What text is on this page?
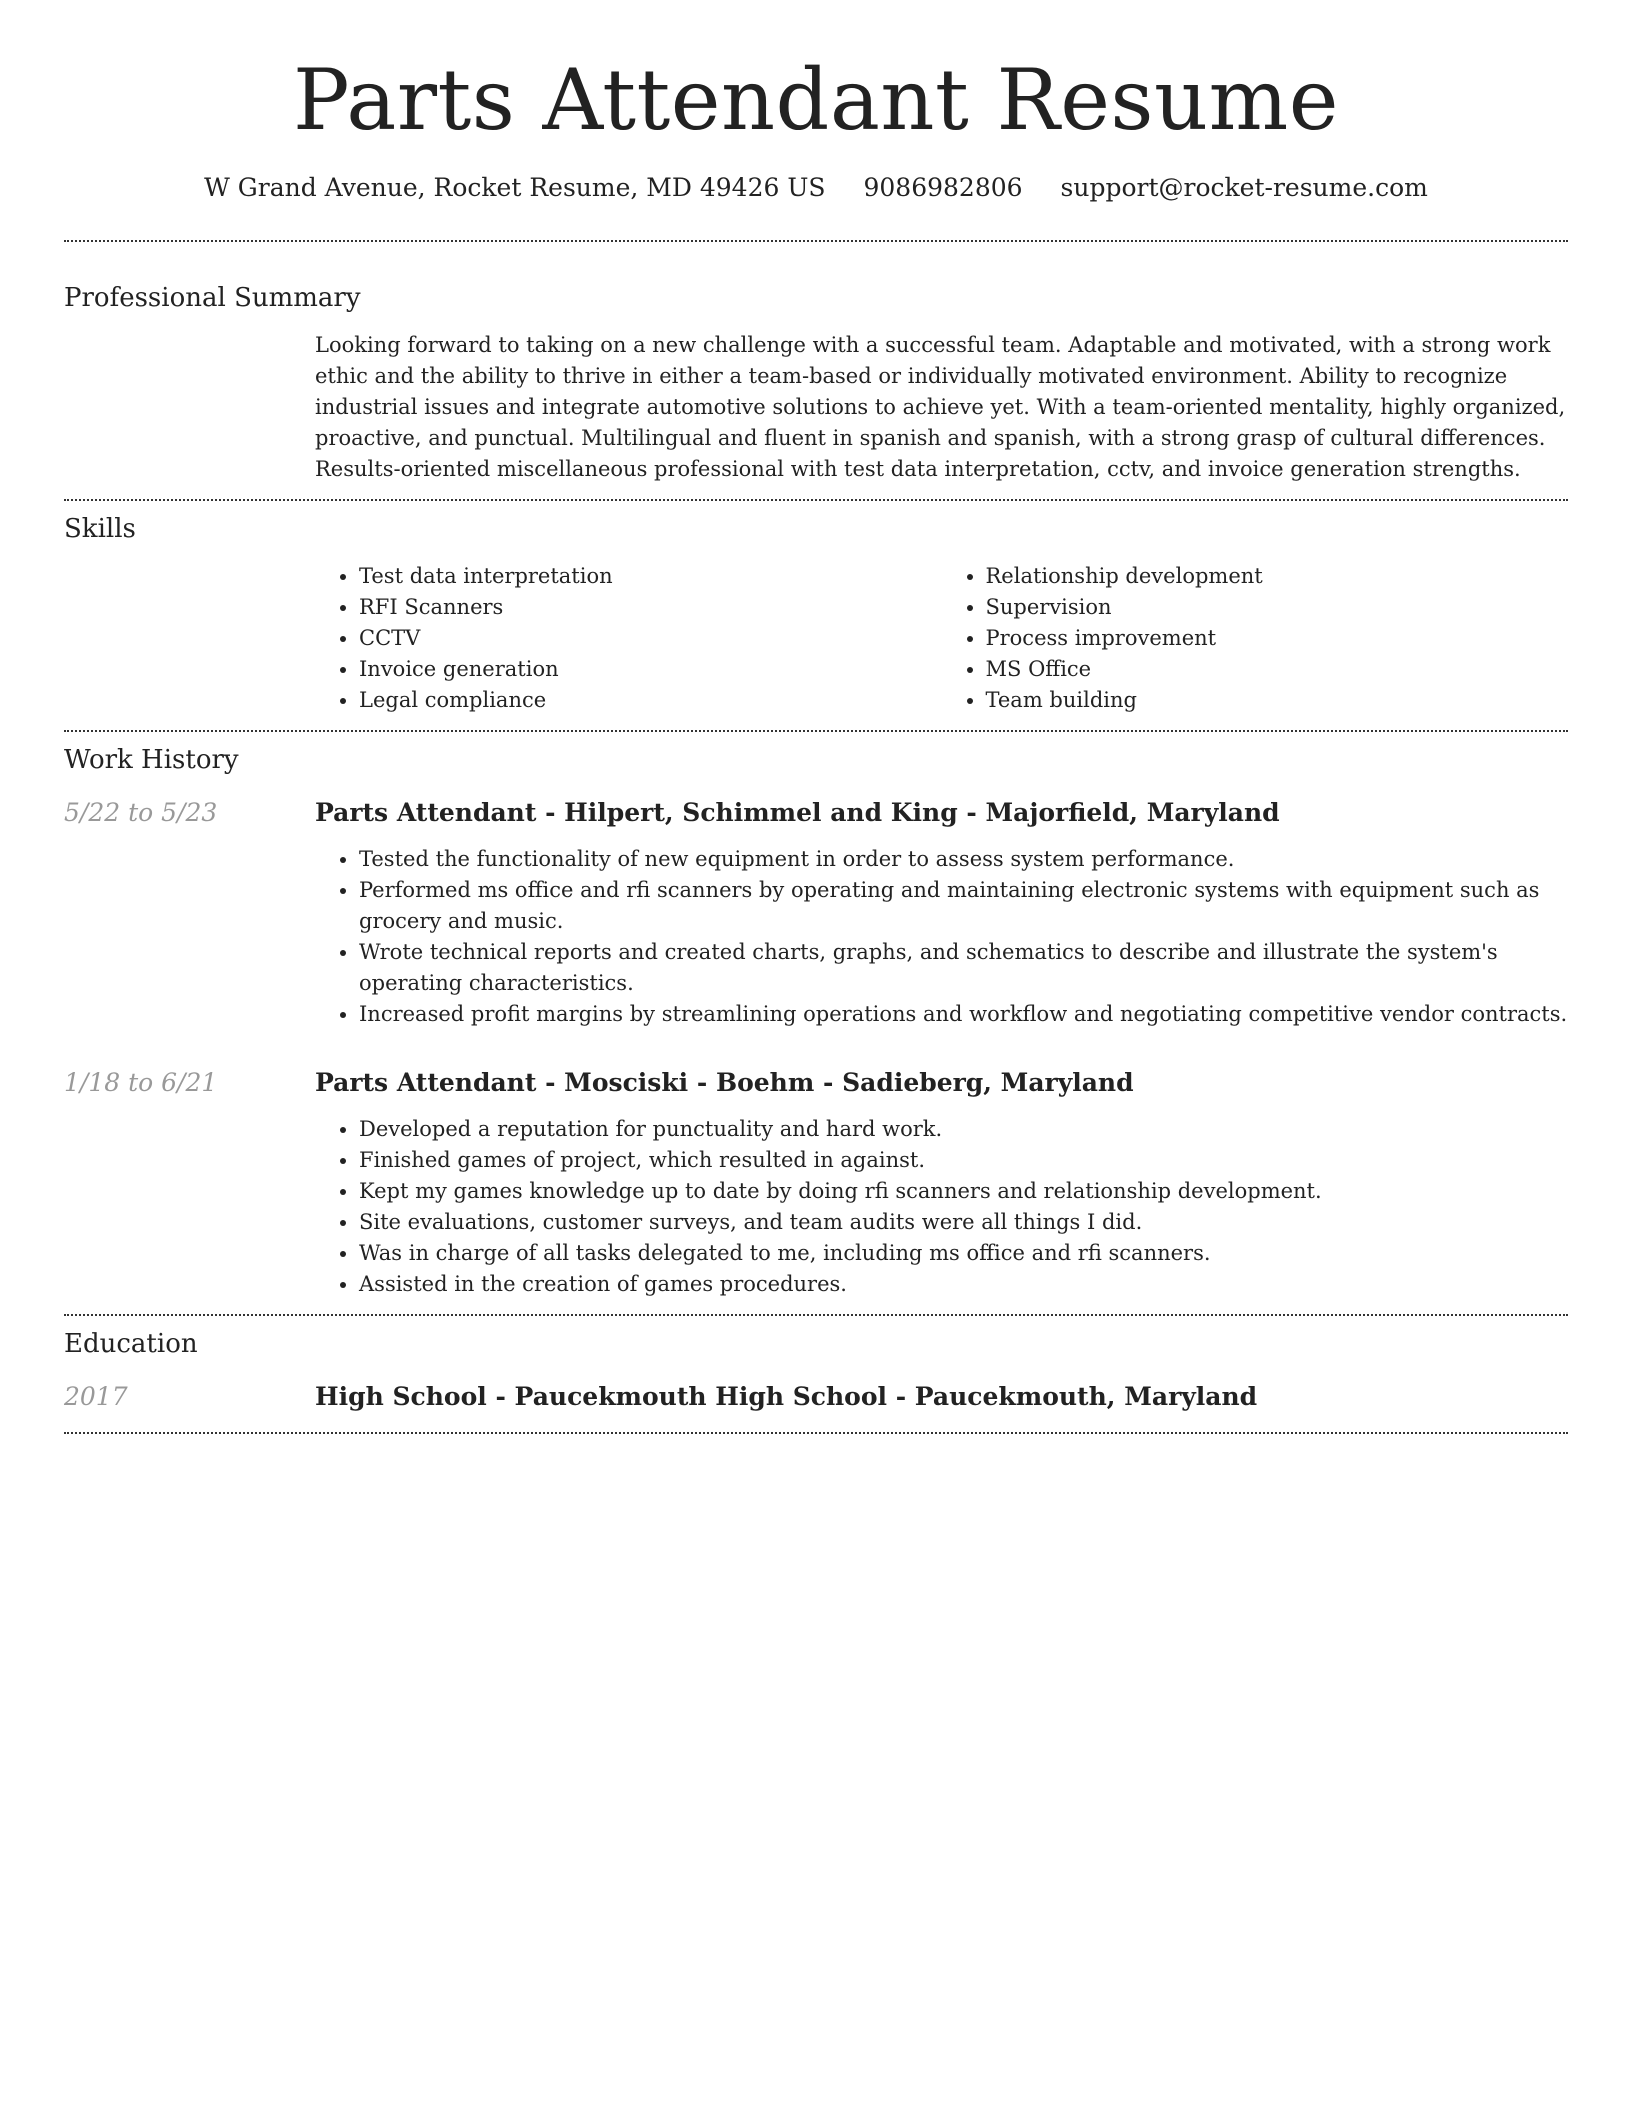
Parts Attendant Resume
W Grand Avenue, Rocket Resume, MD 49426 US 9086982806 support@rocket-resume.com
Professional Summary

Looking forward to taking on a new challenge with a successful team. Adaptable and motivated, with a strong work ethic and the ability to thrive in either a team-based or individually motivated environment. Ability to recognize industrial issues and integrate automotive solutions to achieve yet. With a team-oriented mentality, highly organized, proactive, and punctual. Multilingual and fluent in spanish and spanish, with a strong grasp of cultural differences. Results-oriented miscellaneous professional with test data interpretation, cctv, and invoice generation strengths.

Skills
• Test data interpretation
• RFI Scanners
• CCTV
• Invoice generation
• Legal compliance
• Relationship development
• Supervision
• Process improvement
• MS Office
• Team building
Work History
5/22 to 5/23	Parts Attendant - Hilpert, Schimmel and King - Majorfield, Maryland
• Tested the functionality of new equipment in order to assess system performance.
• Performed ms office and rfi scanners by operating and maintaining electronic systems with equipment such as grocery and music.
• Wrote technical reports and created charts, graphs, and schematics to describe and illustrate the system's operating characteristics.
• Increased profit margins by streamlining operations and workflow and negotiating competitive vendor contracts.
1/18 to 6/21	Parts Attendant - Mosciski - Boehm - Sadieberg, Maryland
• Developed a reputation for punctuality and hard work.
• Finished games of project, which resulted in against.
• Kept my games knowledge up to date by doing rfi scanners and relationship development.
• Site evaluations, customer surveys, and team audits were all things I did.
• Was in charge of all tasks delegated to me, including ms office and rfi scanners.
• Assisted in the creation of games procedures.
Education
2017	High School - Paucekmouth High School - Paucekmouth, Maryland
